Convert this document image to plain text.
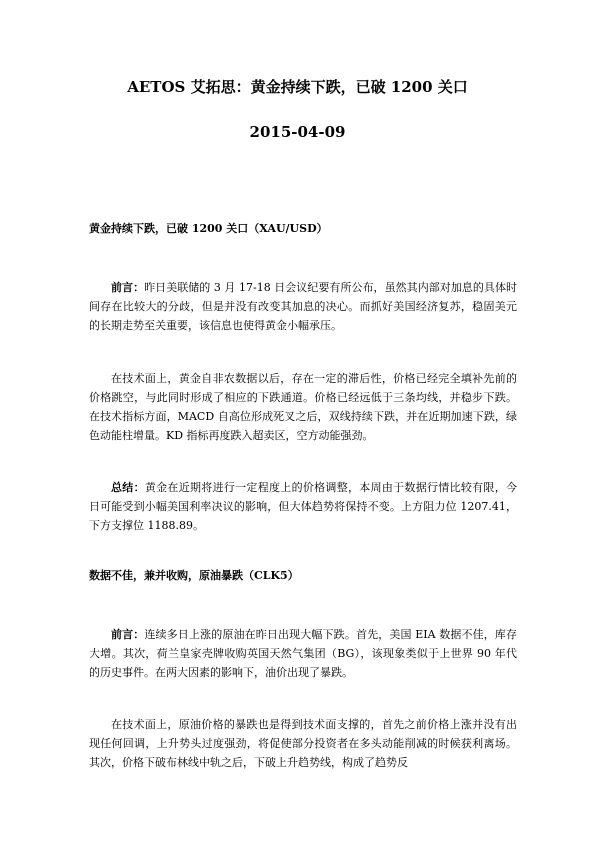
AETOS 艾拓思：黄金持续下跌，已破 1200 关口
2015-04-09
黄金持续下跌，已破 1200 关口（XAU/USD）
前言：昨日美联储的 3 月 17-18 日会议纪要有所公布，虽然其内部对加息的具体时间存在比较大的分歧，但是并没有改变其加息的决心。而抓好美国经济复苏，稳固美元的长期走势至关重要，该信息也使得黄金小幅承压。
在技术面上，黄金自非农数据以后，存在一定的滞后性，价格已经完全填补先前的价格跳空，与此同时形成了相应的下跌通道。价格已经远低于三条均线，并稳步下跌。在技术指标方面，MACD 自高位形成死叉之后，双线持续下跌，并在近期加速下跌，绿色动能柱增量。KD 指标再度跌入超卖区，空方动能强劲。
总结：黄金在近期将进行一定程度上的价格调整，本周由于数据行情比较有限，今日可能受到小幅美国利率决议的影响，但大体趋势将保持不变。上方阻力位 1207.41，下方支撑位 1188.89。
数据不佳，兼并收购，原油暴跌（CLK5）
前言：连续多日上涨的原油在昨日出现大幅下跌。首先，美国 EIA 数据不佳，库存大增。其次，荷兰皇家壳牌收购英国天然气集团（BG），该现象类似于上世界 90 年代的历史事件。在两大因素的影响下，油价出现了暴跌。
在技术面上，原油价格的暴跌也是得到技术面支撑的，首先之前价格上涨并没有出现任何回调，上升势头过度强劲，将促使部分投资者在多头动能削减的时候获利离场。其次，价格下破布林线中轨之后，下破上升趋势线，构成了趋势反
